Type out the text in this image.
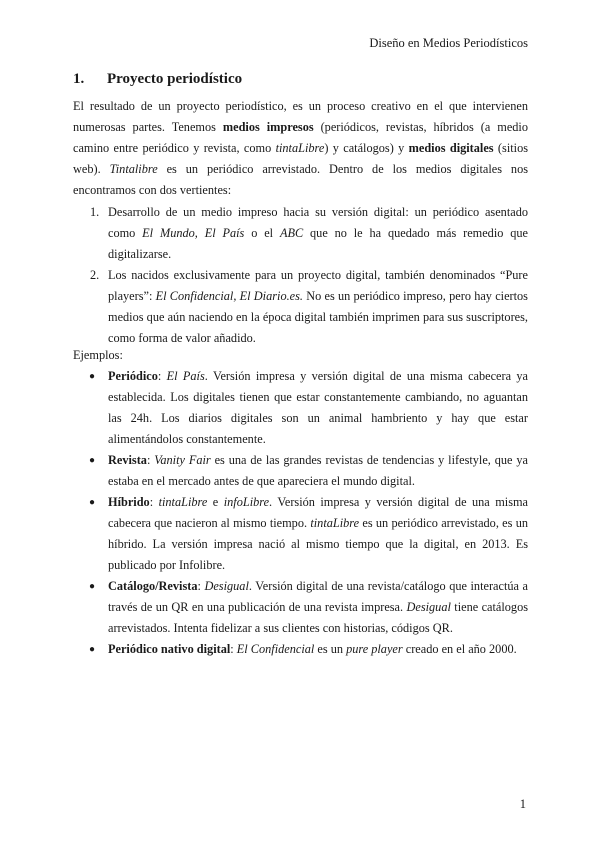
Diseño en Medios Periodísticos
1. Proyecto periodístico
El resultado de un proyecto periodístico, es un proceso creativo en el que intervienen numerosas partes. Tenemos medios impresos (periódicos, revistas, híbridos (a medio camino entre periódico y revista, como tintaLibre) y catálogos) y medios digitales (sitios web). Tintalibre es un periódico arrevistado. Dentro de los medios digitales nos encontramos con dos vertientes:
1. Desarrollo de un medio impreso hacia su versión digital: un periódico asentado como El Mundo, El País o el ABC que no le ha quedado más remedio que digitalizarse.
2. Los nacidos exclusivamente para un proyecto digital, también denominados “Pure players”: El Confidencial, El Diario.es. No es un periódico impreso, pero hay ciertos medios que aún naciendo en la época digital también imprimen para sus suscriptores, como forma de valor añadido.
Ejemplos:
● Periódico: El País. Versión impresa y versión digital de una misma cabecera ya establecida. Los digitales tienen que estar constantemente cambiando, no aguantan las 24h. Los diarios digitales son un animal hambriento y hay que estar alimentándolos constantemente.
● Revista: Vanity Fair es una de las grandes revistas de tendencias y lifestyle, que ya estaba en el mercado antes de que apareciera el mundo digital.
● Híbrido: tintaLibre e infoLibre. Versión impresa y versión digital de una misma cabecera que nacieron al mismo tiempo. tintaLibre es un periódico arrevistado, es un híbrido. La versión impresa nació al mismo tiempo que la digital, en 2013. Es publicado por Infolibre.
● Catálogo/Revista: Desigual. Versión digital de una revista/catálogo que interactúa a través de un QR en una publicación de una revista impresa. Desigual tiene catálogos arrevistados. Intenta fidelizar a sus clientes con historias, códigos QR.
● Periódico nativo digital: El Confidencial es un pure player creado en el año 2000.
1
